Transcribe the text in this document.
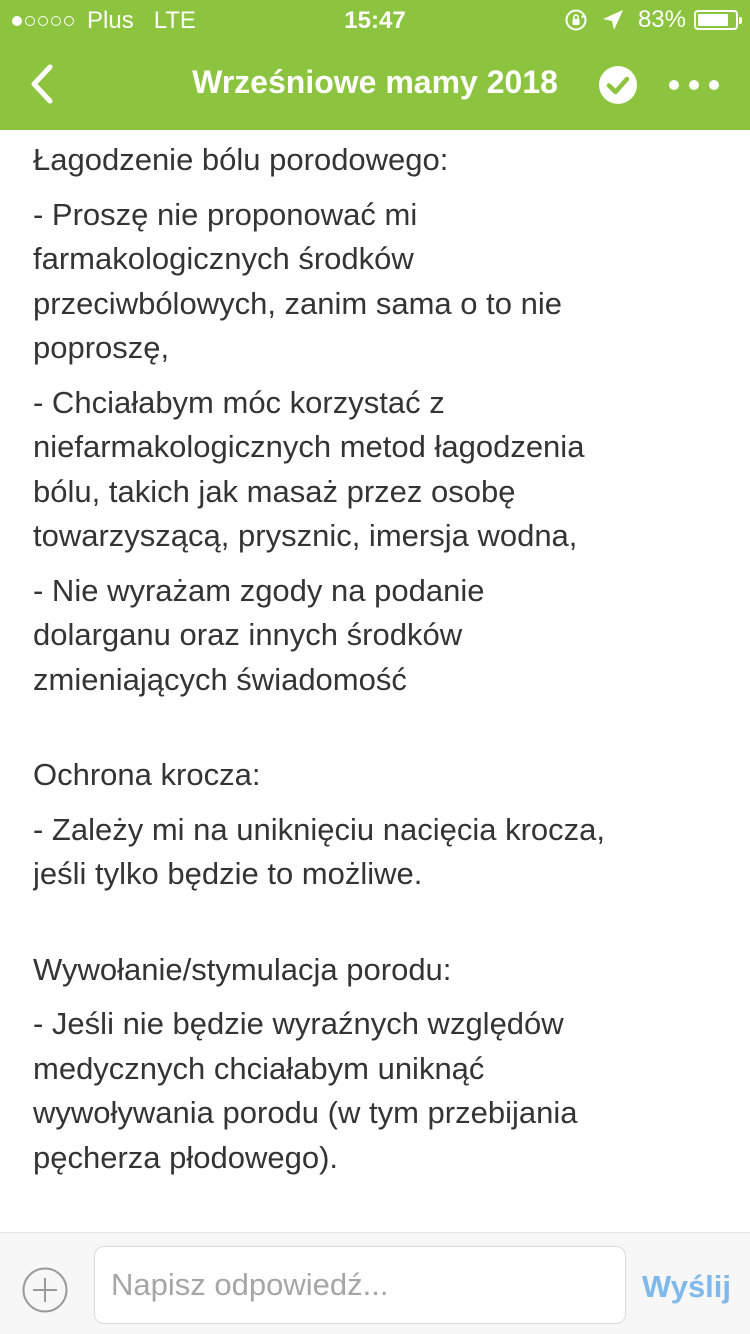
Plus LTE	15:47	83%
Wrześniowe mamy 2018

Łagodzenie bólu porodowego:

- Proszę nie proponować mi
farmakologicznych środków
przeciwbólowych, zanim sama o to nie
poproszę,

- Chciałabym móc korzystać z
niefarmakologicznych metod łagodzenia
bólu, takich jak masaż przez osobę
towarzyszącą, prysznic, imersja wodna,

- Nie wyrażam zgody na podanie
dolarganu oraz innych środków
zmieniających świadomość

Ochrona krocza:

- Zależy mi na uniknięciu nacięcia krocza,
jeśli tylko będzie to możliwe.

Wywołanie/stymulacja porodu:

- Jeśli nie będzie wyraźnych względów
medycznych chciałabym uniknąć
wywoływania porodu (w tym przebijania
pęcherza płodowego).

Napisz odpowiedź...
Wyślij
